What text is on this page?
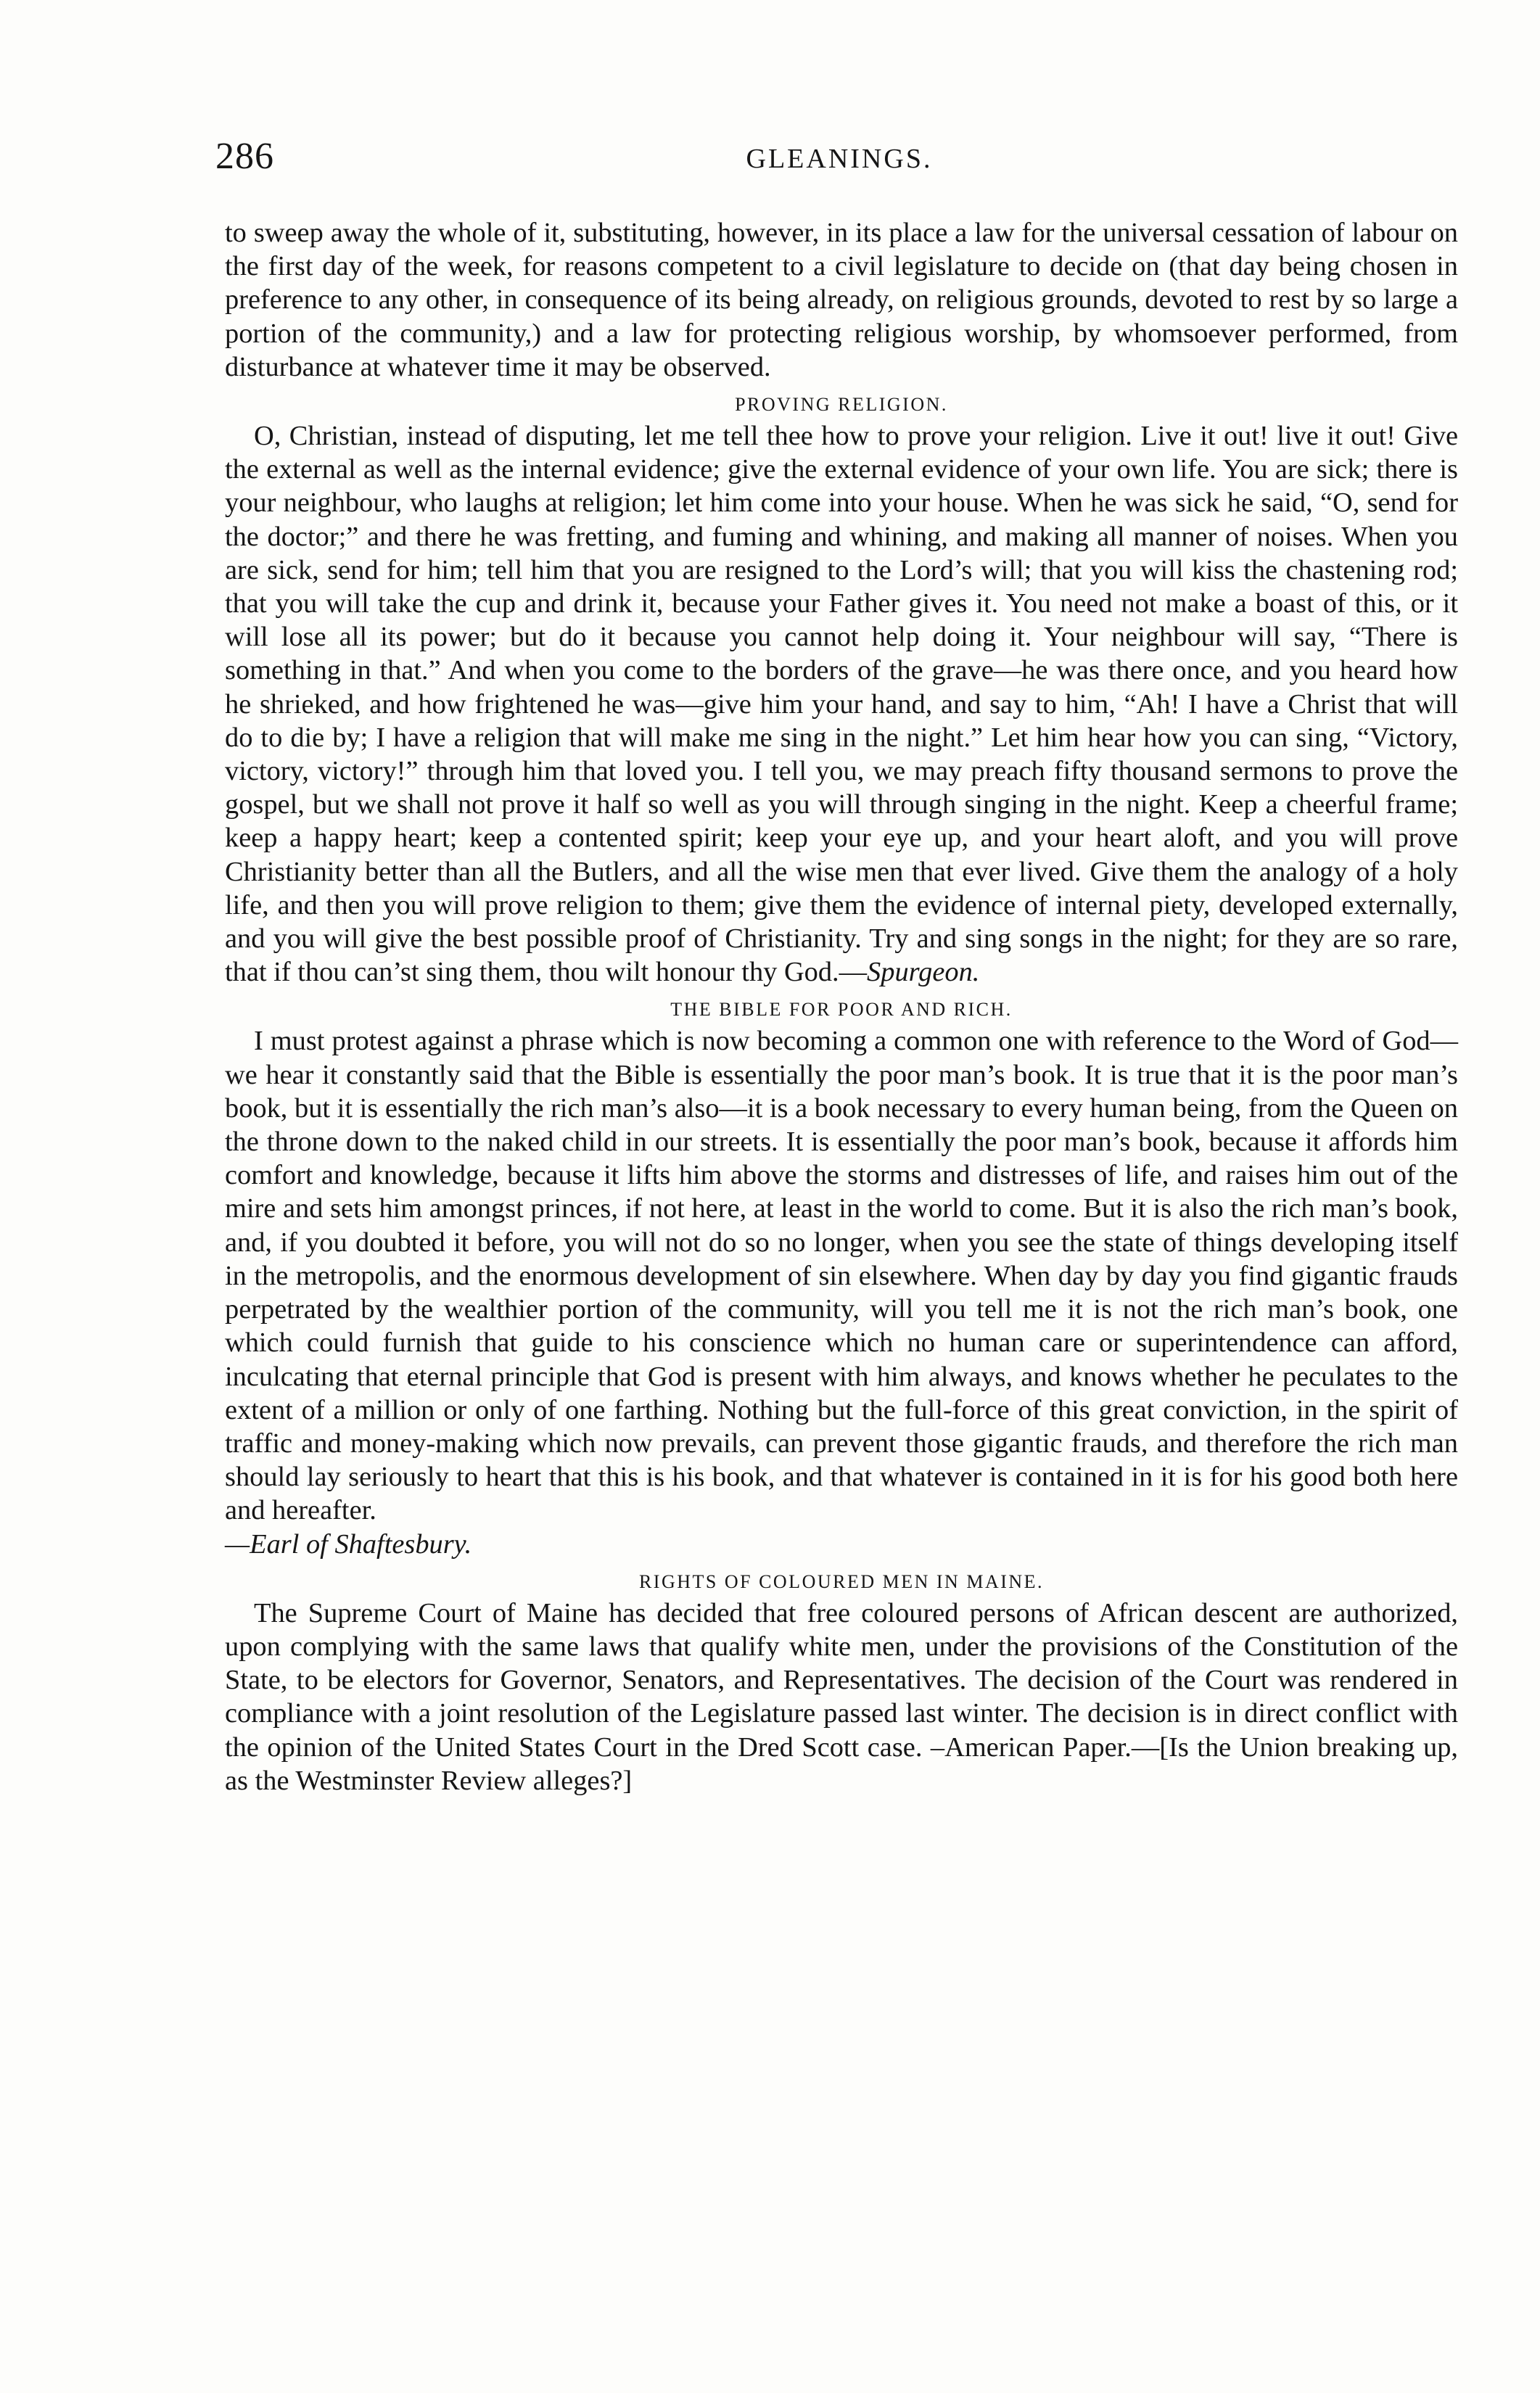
286	GLEANINGS.

to sweep away the whole of it, substituting, however, in its place a law for the universal cessation of labour on the first day of the week, for reasons competent to a civil legislature to decide on (that day being chosen in preference to any other, in consequence of its being already, on religious grounds, devoted to rest by so large a portion of the community,) and a law for protecting religious worship, by whomsoever performed, from disturbance at whatever time it may be observed.

PROVING RELIGION.

O, Christian, instead of disputing, let me tell thee how to prove your religion. Live it out! live it out! Give the external as well as the internal evidence; give the external evidence of your own life. You are sick; there is your neighbour, who laughs at religion; let him come into your house. When he was sick he said, “O, send for the doctor;” and there he was fretting, and fuming and whining, and making all manner of noises. When you are sick, send for him; tell him that you are resigned to the Lord’s will; that you will kiss the chastening rod; that you will take the cup and drink it, because your Father gives it. You need not make a boast of this, or it will lose all its power; but do it because you cannot help doing it. Your neighbour will say, “There is something in that.” And when you come to the borders of the grave—he was there once, and you heard how he shrieked, and how frightened he was—give him your hand, and say to him, “Ah! I have a Christ that will do to die by; I have a religion that will make me sing in the night.” Let him hear how you can sing, “Victory, victory, victory!” through him that loved you. I tell you, we may preach fifty thousand sermons to prove the gospel, but we shall not prove it half so well as you will through singing in the night. Keep a cheerful frame; keep a happy heart; keep a contented spirit; keep your eye up, and your heart aloft, and you will prove Christianity better than all the Butlers, and all the wise men that ever lived. Give them the analogy of a holy life, and then you will prove religion to them; give them the evidence of internal piety, developed externally, and you will give the best possible proof of Christianity. Try and sing songs in the night; for they are so rare, that if thou can’st sing them, thou wilt honour thy God.—Spurgeon.

THE BIBLE FOR POOR AND RICH.

I must protest against a phrase which is now becoming a common one with reference to the Word of God—we hear it constantly said that the Bible is essentially the poor man’s book. It is true that it is the poor man’s book, but it is essentially the rich man’s also—it is a book necessary to every human being, from the Queen on the throne down to the naked child in our streets. It is essentially the poor man’s book, because it affords him comfort and knowledge, because it lifts him above the storms and distresses of life, and raises him out of the mire and sets him amongst princes, if not here, at least in the world to come. But it is also the rich man’s book, and, if you doubted it before, you will not do so no longer, when you see the state of things developing itself in the metropolis, and the enormous development of sin elsewhere. When day by day you find gigantic frauds perpetrated by the wealthier portion of the community, will you tell me it is not the rich man’s book, one which could furnish that guide to his conscience which no human care or superintendence can afford, inculcating that eternal principle that God is present with him always, and knows whether he peculates to the extent of a million or only of one farthing. Nothing but the full-force of this great conviction, in the spirit of traffic and money-making which now prevails, can prevent those gigantic frauds, and therefore the rich man should lay seriously to heart that this is his book, and that whatever is contained in it is for his good both here and hereafter.

—Earl of Shaftesbury.

RIGHTS OF COLOURED MEN IN MAINE.

The Supreme Court of Maine has decided that free coloured persons of African descent are authorized, upon complying with the same laws that qualify white men, under the provisions of the Constitution of the State, to be electors for Governor, Senators, and Representatives. The decision of the Court was rendered in compliance with a joint resolution of the Legislature passed last winter. The decision is in direct conflict with the opinion of the United States Court in the Dred Scott case. –American Paper.—[Is the Union breaking up, as the Westminster Review alleges?]
